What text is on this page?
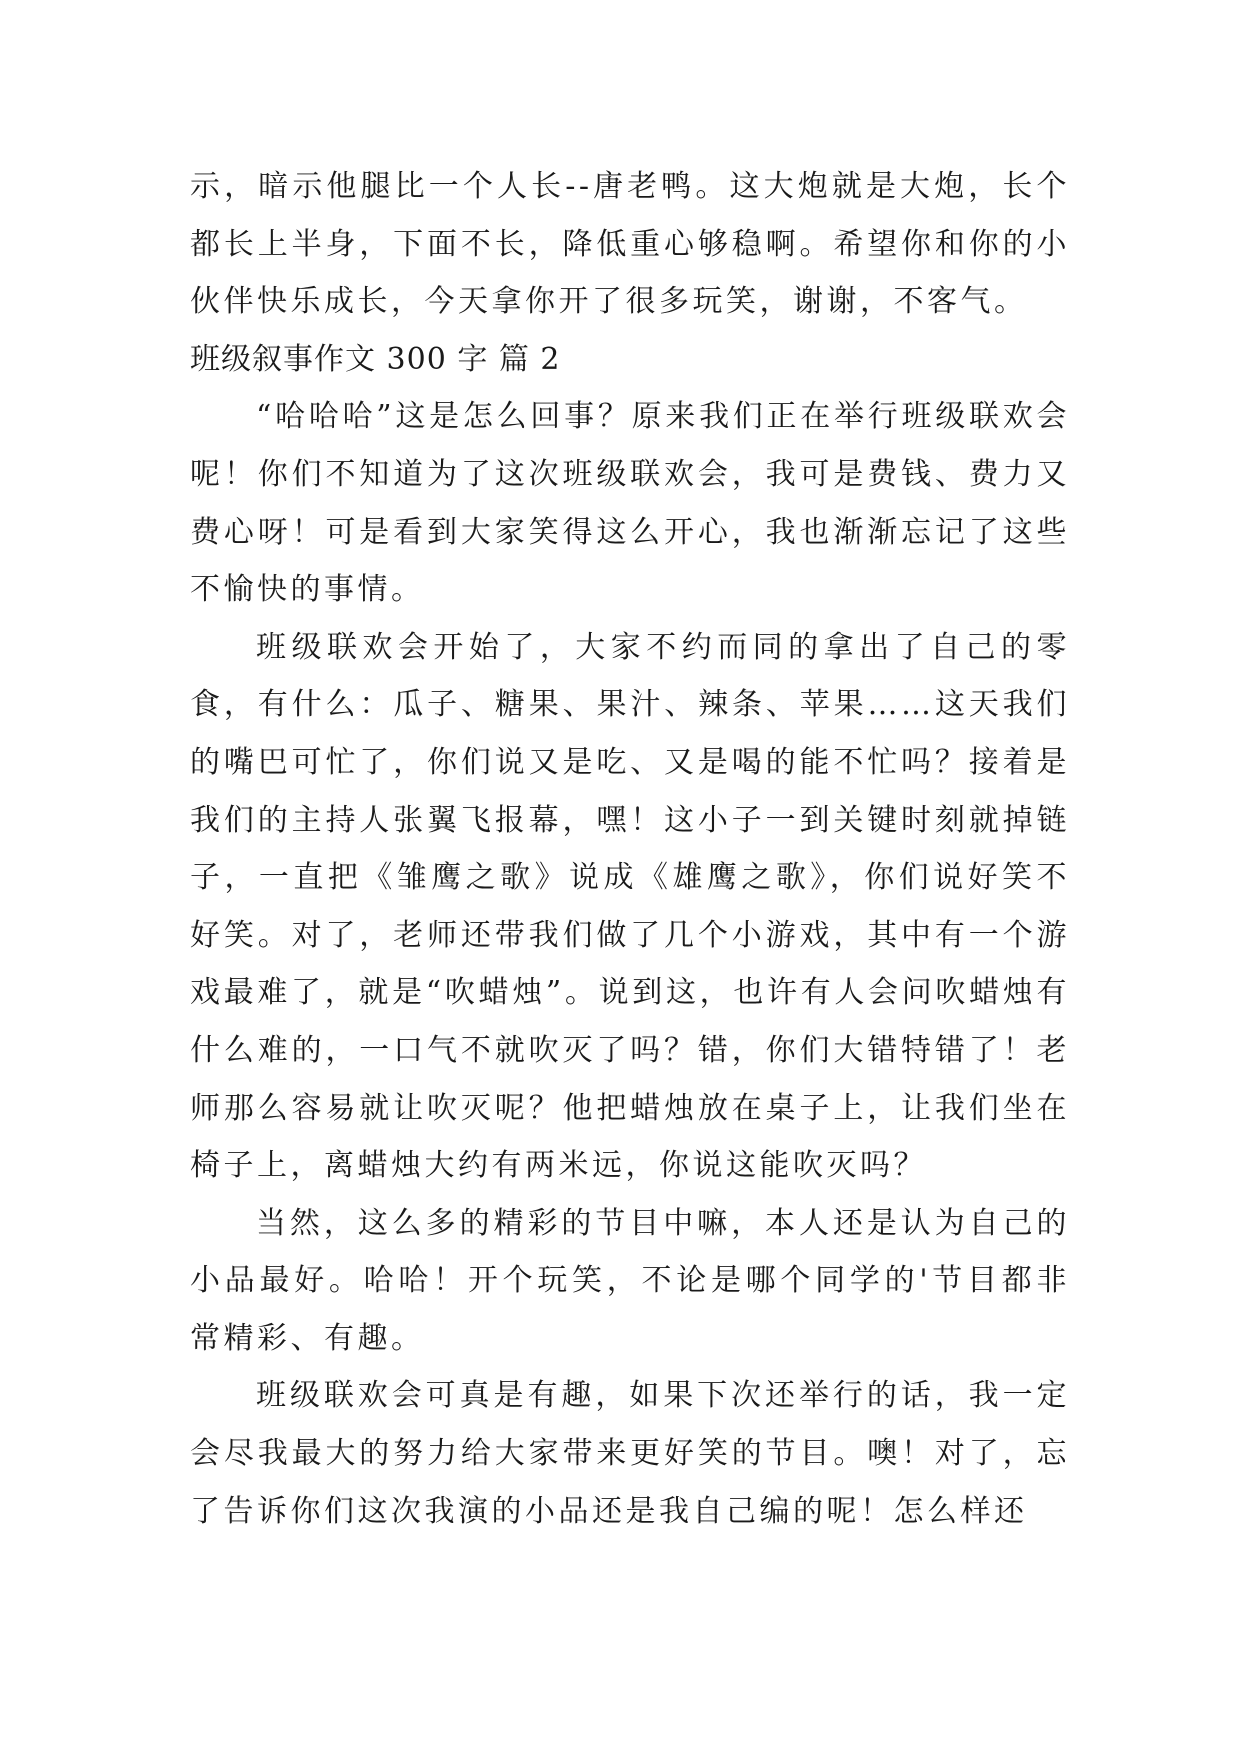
示，暗示他腿比一个人长--唐老鸭。这大炮就是大炮，长个都长上半身，下面不长，降低重心够稳啊。希望你和你的小伙伴快乐成长，今天拿你开了很多玩笑，谢谢，不客气。

班级叙事作文 300 字 篇 2

“哈哈哈”这是怎么回事？原来我们正在举行班级联欢会呢！你们不知道为了这次班级联欢会，我可是费钱、费力又费心呀！可是看到大家笑得这么开心，我也渐渐忘记了这些不愉快的事情。

班级联欢会开始了，大家不约而同的拿出了自己的零食，有什么：瓜子、糖果、果汁、辣条、苹果……这天我们的嘴巴可忙了，你们说又是吃、又是喝的能不忙吗？接着是我们的主持人张翼飞报幕，嘿！这小子一到关键时刻就掉链子，一直把《雏鹰之歌》说成《雄鹰之歌》，你们说好笑不好笑。对了，老师还带我们做了几个小游戏，其中有一个游戏最难了，就是“吹蜡烛”。说到这，也许有人会问吹蜡烛有什么难的，一口气不就吹灭了吗？错，你们大错特错了！老师那么容易就让吹灭呢？他把蜡烛放在桌子上，让我们坐在椅子上，离蜡烛大约有两米远，你说这能吹灭吗？

当然，这么多的精彩的节目中嘛，本人还是认为自己的小品最好。哈哈！开个玩笑，不论是哪个同学的'节目都非常精彩、有趣。

班级联欢会可真是有趣，如果下次还举行的话，我一定会尽我最大的努力给大家带来更好笑的节目。噢！对了，忘了告诉你们这次我演的小品还是我自己编的呢！怎么样还
